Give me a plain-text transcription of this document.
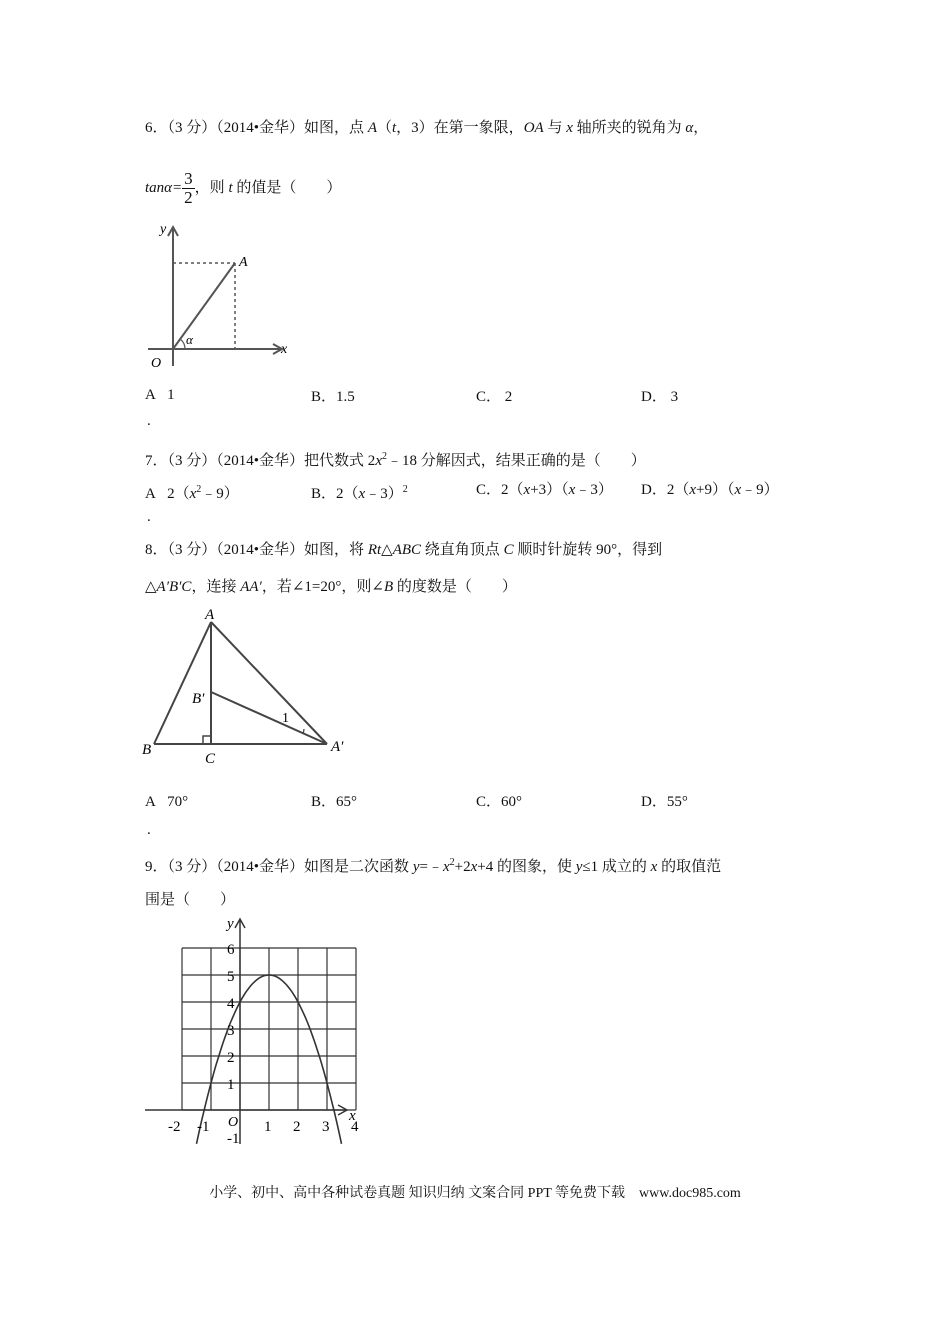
6．（3 分）（2014•金华）如图，点 A（t，3）在第一象限，OA 与 x 轴所夹的锐角为 α，
$\tan\alpha= \frac{3}{2}$ ，则 t 的值是（　　）
y
A
x
O
α
A 1	B．1.5	C． 2	D． 3
.
7．（3 分）（2014•金华）把代数式 $2x^2﹣18$ 分解因式，结果正确的是（　　）
A $2(x^2﹣9)$	B．2（x﹣3）$^2$	C．2（x+3）（x﹣3） D．2（x+9）（x﹣9）
.
8．（3 分）（2014•金华）如图，将 Rt△ABC 绕直角顶点 C 顺时针旋转 90°，得到
△A′B′C，连接 AA′，若∠1=20°，则∠B 的度数是（　　）
A
B
C
B′
A′
1
A 70°	B．65°	C．60°	D．55°
.
9．（3 分）（2014•金华）如图是二次函数 $y=﹣x^2+2x+4$ 的图象，使 y≤1 成立的 x 的取值范
围是（　　）
y
x
O
6
5
4
3
2
1
-1
-2 -1	1 2 3 4
小学、初中、高中各种试卷真题 知识归纳 文案合同 PPT 等免费下载　www.doc985.com
